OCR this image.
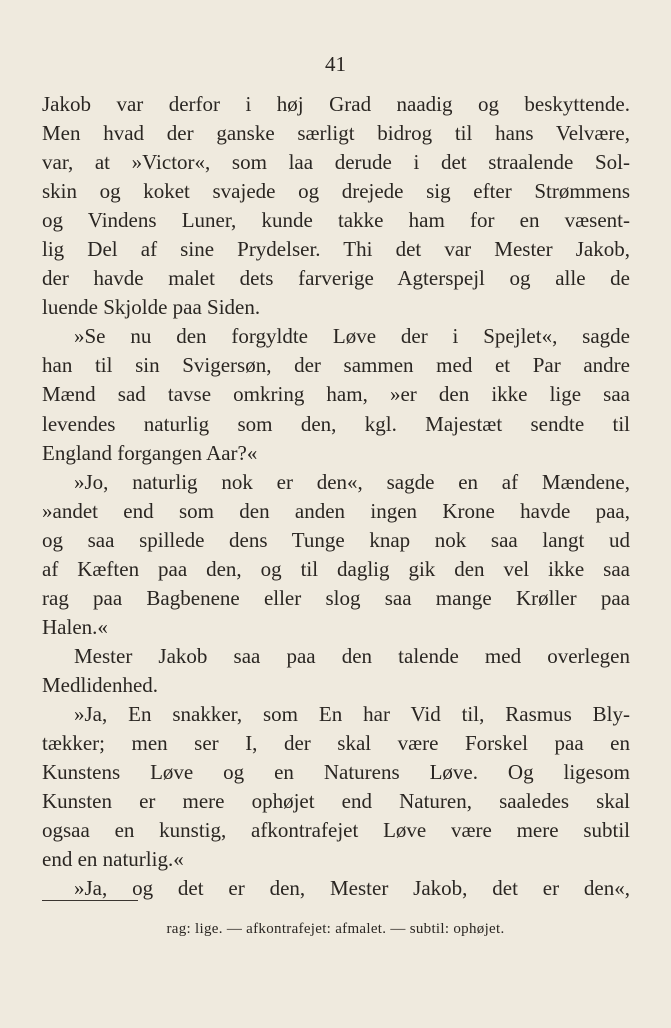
41
Jakob var derfor i høj Grad naadig og beskyttende.
Men hvad der ganske særligt bidrog til hans Velvære,
var, at »Victor«, som laa derude i det straalende Sol-
skin og koket svajede og drejede sig efter Strømmens
og Vindens Luner, kunde takke ham for en væsent-
lig Del af sine Prydelser. Thi det var Mester Jakob,
der havde malet dets farverige Agterspejl og alle de
luende Skjolde paa Siden.
»Se nu den forgyldte Løve der i Spejlet«, sagde
han til sin Svigersøn, der sammen med et Par andre
Mænd sad tavse omkring ham, »er den ikke lige saa
levendes naturlig som den, kgl. Majestæt sendte til
England forgangen Aar?«
»Jo, naturlig nok er den«, sagde en af Mændene,
»andet end som den anden ingen Krone havde paa,
og saa spillede dens Tunge knap nok saa langt ud
af Kæften paa den, og til daglig gik den vel ikke saa
rag paa Bagbenene eller slog saa mange Krøller paa
Halen.«
Mester Jakob saa paa den talende med overlegen
Medlidenhed.
»Ja, En snakker, som En har Vid til, Rasmus Bly-
tækker; men ser I, der skal være Forskel paa en
Kunstens Løve og en Naturens Løve. Og ligesom
Kunsten er mere ophøjet end Naturen, saaledes skal
ogsaa en kunstig, afkontrafejet Løve være mere subtil
end en naturlig.«
»Ja, og det er den, Mester Jakob, det er den«,
rag: lige. — afkontrafejet: afmalet. — subtil: ophøjet.
